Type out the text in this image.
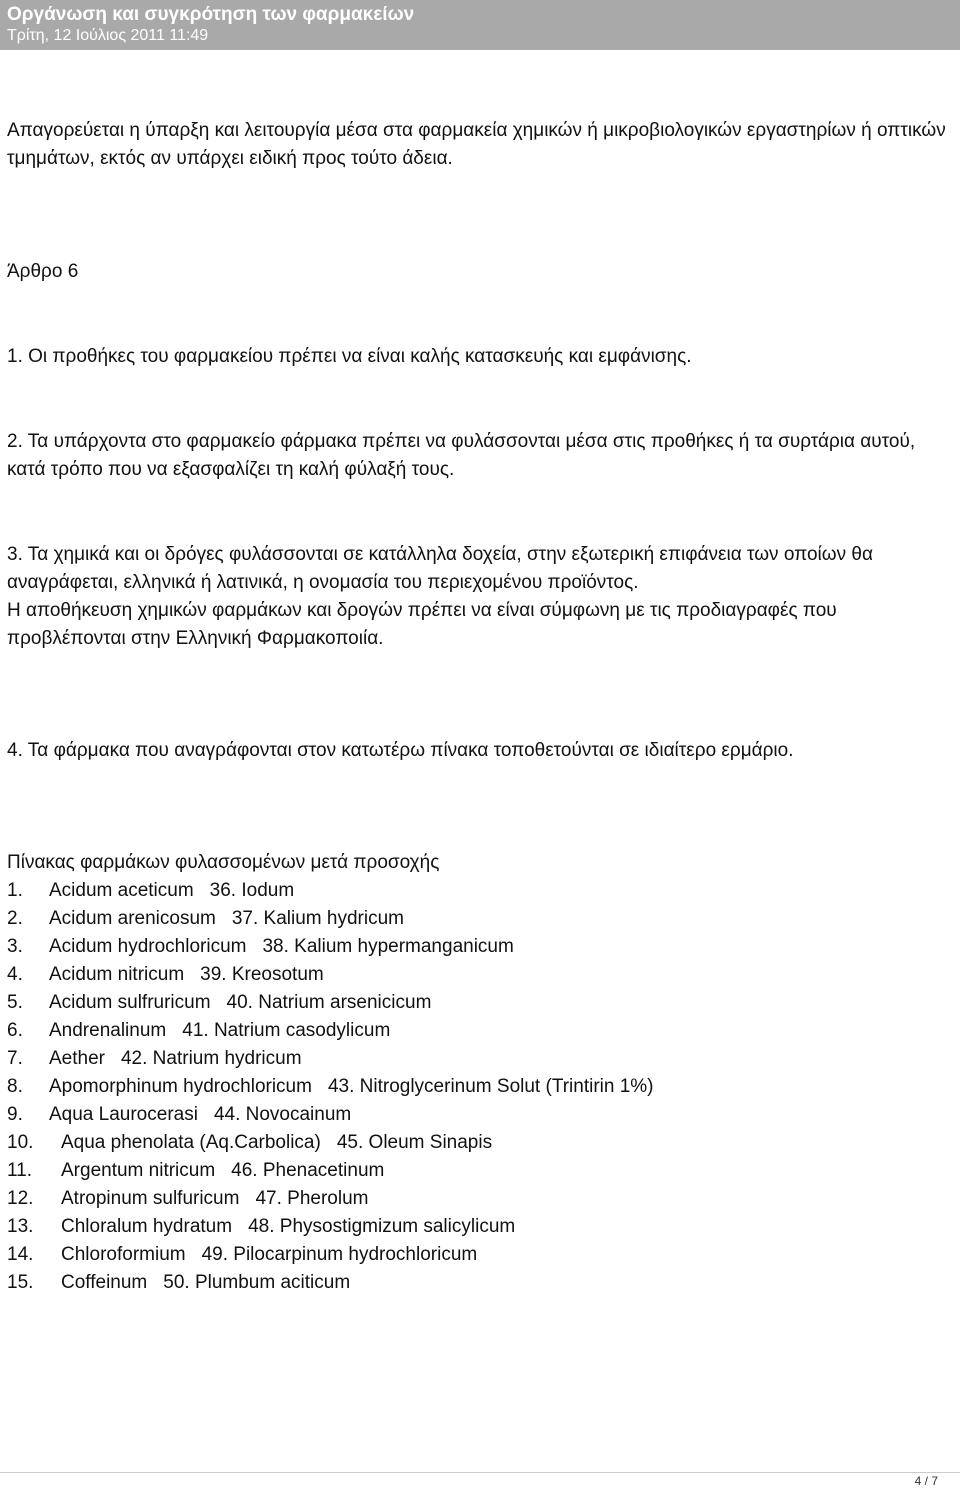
Οργάνωση και συγκρότηση των φαρμακείων
Τρίτη, 12 Ιούλιος 2011 11:49

Απαγορεύεται η ύπαρξη και λειτουργία μέσα στα φαρμακεία χημικών ή μικροβιολογικών εργαστηρίων ή οπτικών τμημάτων, εκτός αν υπάρχει ειδική προς τούτο άδεια.

Άρθρο 6

1. Οι προθήκες του φαρμακείου πρέπει να είναι καλής κατασκευής και εμφάνισης.

2. Τα υπάρχοντα στο φαρμακείο φάρμακα πρέπει να φυλάσσονται μέσα στις προθήκες ή τα συρτάρια αυτού, κατά τρόπο που να εξασφαλίζει τη καλή φύλαξή τους.

3. Τα χημικά και οι δρόγες φυλάσσονται σε κατάλληλα δοχεία, στην εξωτερική επιφάνεια των οποίων θα αναγράφεται, ελληνικά ή λατινικά, η ονομασία του περιεχομένου προϊόντος.

Η αποθήκευση χημικών φαρμάκων και δρογών πρέπει να είναι σύμφωνη με τις προδιαγραφές που προβλέπονται στην Ελληνική Φαρμακοποιία.

4. Τα φάρμακα που αναγράφονται στον κατωτέρω πίνακα τοποθετούνται σε ιδιαίτερο ερμάριο.

Πίνακας φαρμάκων φυλασσομένων μετά προσοχής

1. Acidum aceticum 36. Iodum
2. Acidum arenicosum 37. Kalium hydricum
3. Acidum hydrochloricum 38. Kalium hypermanganicum
4. Acidum nitricum 39. Kreosotum
5. Acidum sulfruricum 40. Natrium arsenicicum
6. Andrenalinum 41. Natrium casodylicum
7. Aether 42. Natrium hydricum
8. Apomorphinum hydrochloricum 43. Nitroglycerinum Solut (Trintirin 1%)
9. Aqua Laurocerasi 44. Novocainum
10. Aqua phenolata (Aq.Carbolica) 45. Oleum Sinapis
11. Argentum nitricum 46. Phenacetinum
12. Atropinum sulfuricum 47. Pherolum
13. Chloralum hydratum 48. Physostigmizum salicylicum
14. Chloroformium 49. Pilocarpinum hydrochloricum
15. Coffeinum 50. Plumbum aciticum
4 / 7
